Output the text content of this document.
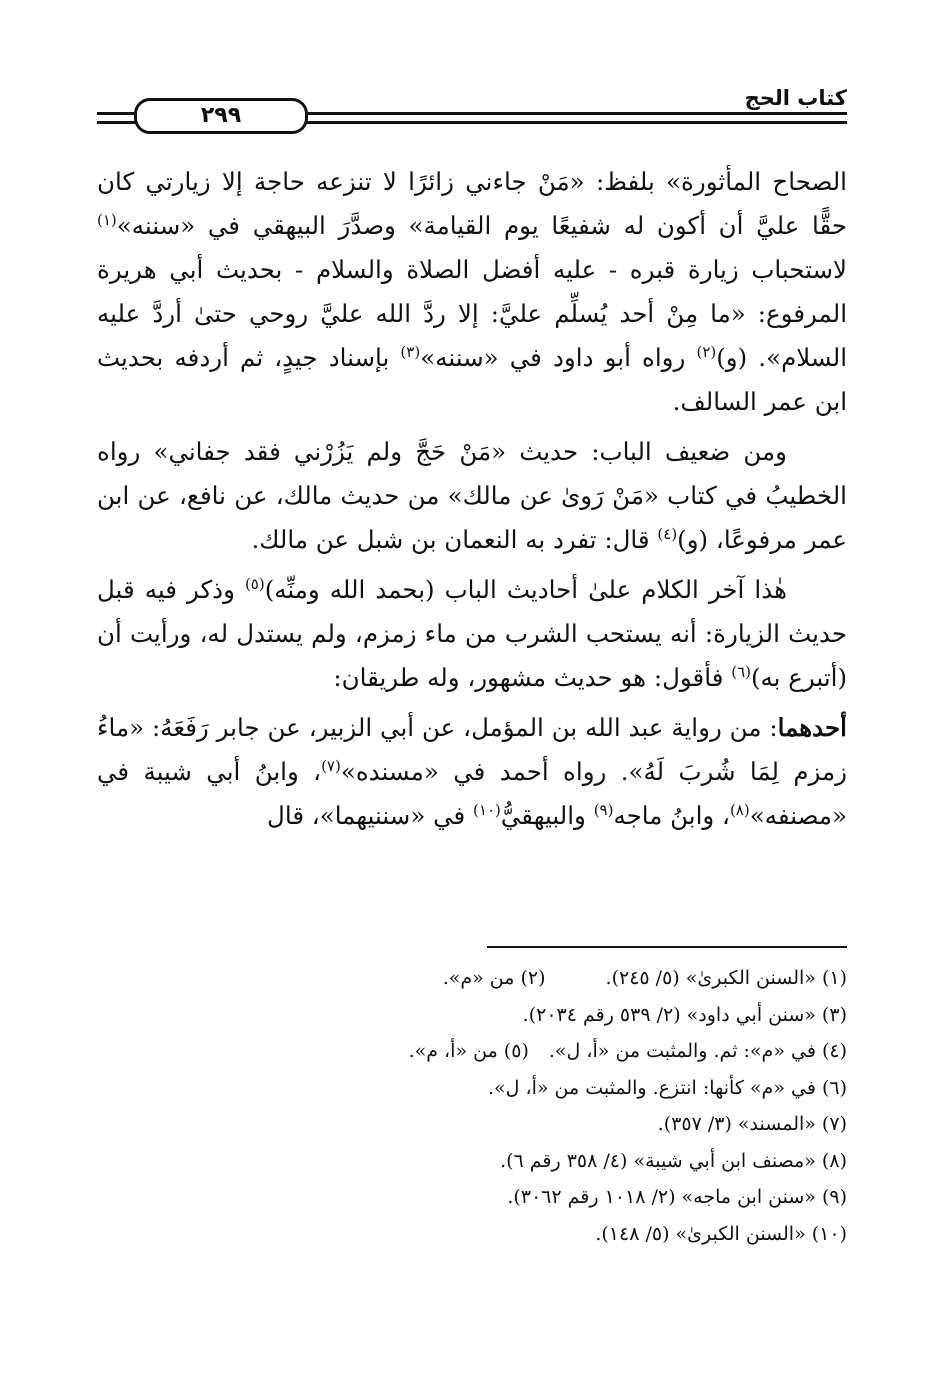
٢٩٩
كتاب الحج

الصحاح المأثورة» بلفظ: «مَنْ جاءني زائرًا لا تنزعه حاجة إلا زيارتي كان حقًّا عليَّ أن أكون له شفيعًا يوم القيامة» وصدَّرَ البيهقي في «سننه»$^{(١)}$ لاستحباب زيارة قبره - عليه أفضل الصلاة والسلام - بحديث أبي هريرة المرفوع: «ما مِنْ أحد يُسلِّم عليَّ: إلا ردَّ الله عليَّ روحي حتىٰ أردَّ عليه السلام». (و)$^{(٢)}$ رواه أبو داود في «سننه»$^{(٣)}$ بإسناد جيدٍ، ثم أردفه بحديث ابن عمر السالف.

ومن ضعيف الباب: حديث «مَنْ حَجَّ ولم يَزُرْني فقد جفاني» رواه الخطيبُ في كتاب «مَنْ رَوىٰ عن مالك» من حديث مالك، عن نافع، عن ابن عمر مرفوعًا، (و)$^{(٤)}$ قال: تفرد به النعمان بن شبل عن مالك.

هٰذا آخر الكلام علىٰ أحاديث الباب (بحمد الله ومنِّه)$^{(٥)}$ وذكر فيه قبل حديث الزيارة: أنه يستحب الشرب من ماء زمزم، ولم يستدل له، ورأيت أن (أتبرع به)$^{(٦)}$ فأقول: هو حديث مشهور، وله طريقان:

أحدهما: من رواية عبد الله بن المؤمل، عن أبي الزبير، عن جابر رَفَعَهُ: «ماءُ زمزم لِمَا شُربَ لَهُ». رواه أحمد في «مسنده»$^{(٧)}$، وابنُ أبي شيبة في «مصنفه»$^{(٨)}$، وابنُ ماجه$^{(٩)}$ والبيهقيُّ$^{(١٠)}$ في «سننيهما»، قال

(١) «السنن الكبرىٰ» (٥/ ٢٤٥).(٢) من «م».
(٣) «سنن أبي داود» (٢/ ٥٣٩ رقم ٢٠٣٤).
(٤) في «م»: ثم. والمثبت من «أ، ل».(٥) من «أ، م».
(٦) في «م» كأنها: انتزع. والمثبت من «أ، ل».
(٧) «المسند» (٣/ ٣٥٧).
(٨) «مصنف ابن أبي شيبة» (٤/ ٣٥٨ رقم ٦).
(٩) «سنن ابن ماجه» (٢/ ١٠١٨ رقم ٣٠٦٢).
(١٠) «السنن الكبرىٰ» (٥/ ١٤٨).
